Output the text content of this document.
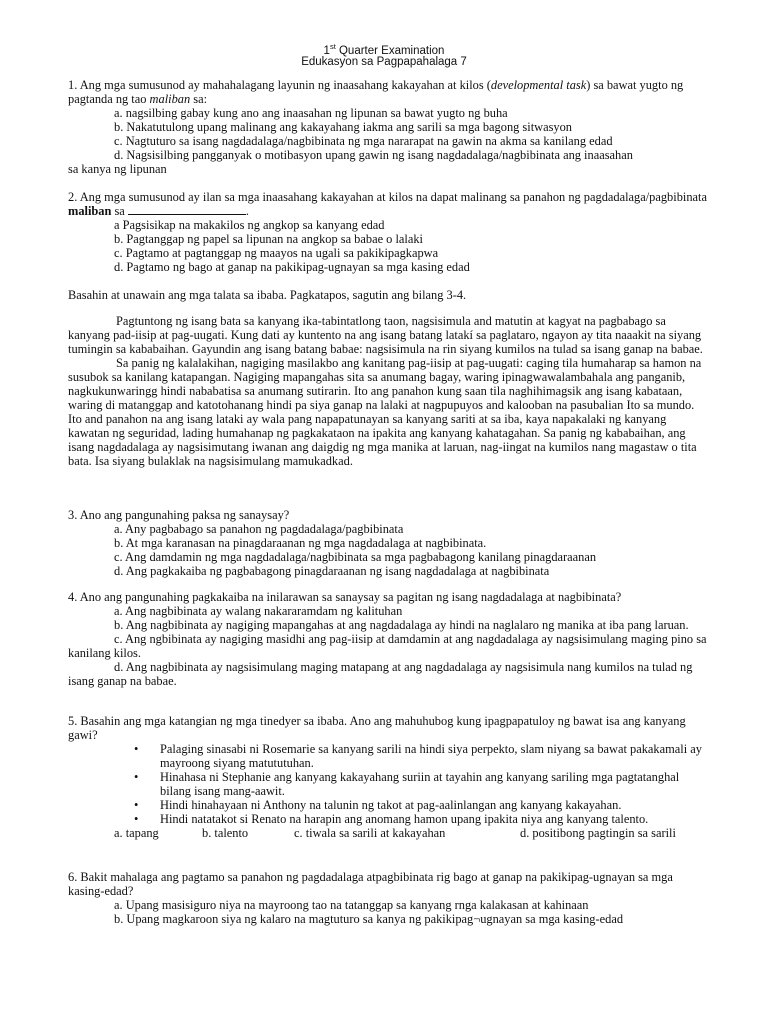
1st Quarter Examination
Edukasyon sa Pagpapahalaga 7

1. Ang mga sumusunod ay mahahalagang layunin ng inaasahang kakayahan at kilos (developmental task) sa bawat yugto ng pagtanda ng tao maliban sa:

a. nagsilbing gabay kung ano ang inaasahan ng lipunan sa bawat yugto ng buha

b. Nakatutulong upang malinang ang kakayahang iakma ang sarili sa mga bagong sitwasyon

c. Nagtuturo sa isang nagdadalaga/nagbibinata ng mga nararapat na gawin na akma sa kanilang edad

d. Nagsisilbing pangganyak o motibasyon upang gawin ng isang nagdadalaga/nagbibinata ang inaasahan

sa kanya ng lipunan

2. Ang mga sumusunod ay ilan sa mga inaasahang kakayahan at kilos na dapat malinang sa panahon ng pagdadalaga/pagbibinata maliban sa	.

a Pagsisikap na makakilos ng angkop sa kanyang edad

b. Pagtanggap ng papel sa lipunan na angkop sa babae o lalaki

c. Pagtamo at pagtanggap ng maayos na ugali sa pakikipagkapwa

d. Pagtamo ng bago at ganap na pakikipag-ugnayan sa mga kasing edad

Basahin at unawain ang mga talata sa ibaba. Pagkatapos, sagutin ang bilang 3-4.

Pagtuntong ng isang bata sa kanyang ika-tabintatlong taon, nagsisimula and matutin at kagyat na pagbabago sa kanyang pad-iisip at pag-uugati. Kung dati ay kuntento na ang isang batang latakí sa paglataro, ngayon ay tita naaakit na siyang tumingin sa kababaihan. Gayundin ang isang batang babae: nagsisimula na rin siyang kumilos na tulad sa isang ganap na babae.

Sa panig ng kalalakihan, nagiging masilakbo ang kanitang pag-iisip at pag-uugati: caging tila humaharap sa hamon na susubok sa kanilang katapangan. Nagiging mapangahas sita sa anumang bagay, waring ipinagwawalambahala ang panganib, nagkukunwaringg hindi nababatisa sa anumang sutirarin. Ito ang panahon kung saan tila naghihimagsik ang isang kabataan, waring di matanggap and katotohanang hindi pa siya ganap na lalaki at nagpupuyos and kalooban na pasubalian Ito sa mundo. Ito and panahon na ang isang lataki ay wala pang napapatunayan sa kanyang sariti at sa iba, kaya napakalaki ng kanyang kawatan ng seguridad, lading humahanap ng pagkakataon na ipakita ang kanyang kahatagahan. Sa panig ng kababaihan, ang isang nagdadalaga ay nagsisimutang iwanan ang daigdig ng mga manika at laruan, nag-iingat na kumilos nang magastaw o tita bata. Isa siyang bulaklak na nagsisimulang mamukadkad.

3. Ano ang pangunahing paksa ng sanaysay?

a. Any pagbabago sa panahon ng pagdadalaga/pagbibinata

b. At mga karanasan na pinagdaraanan ng mga nagdadalaga at nagbibinata.

c. Ang damdamin ng mga nagdadalaga/nagbibinata sa mga pagbabagong kanilang pinagdaraanan

d. Ang pagkakaiba ng pagbabagong pinagdaraanan ng isang nagdadalaga at nagbibinata

4. Ano ang pangunahing pagkakaiba na inilarawan sa sanaysay sa pagitan ng isang nagdadalaga at nagbibinata?

a. Ang nagbibinata ay walang nakararamdam ng kalituhan

b. Ang nagbibinata ay nagiging mapangahas at ang nagdadalaga ay hindi na naglalaro ng manika at iba pang laruan.

c. Ang ngbibinata ay nagiging masidhi ang pag-iisip at damdamin at ang nagdadalaga ay nagsisimulang maging pino sa kanilang kilos.

d. Ang nagbibinata ay nagsisimulang maging matapang at ang nagdadalaga ay nagsisimula nang kumilos na tulad ng isang ganap na babae.

5. Basahin ang mga katangian ng mga tinedyer sa ibaba. Ano ang mahuhubog kung ipagpapatuloy ng bawat isa ang kanyang gawi?

• Palaging sinasabi ni Rosemarie sa kanyang sarili na hindi siya perpekto, slam niyang sa bawat pakakamali ay mayroong siyang matututuhan.
• Hinahasa ni Stephanie ang kanyang kakayahang suriin at tayahin ang kanyang sariling mga pagtatanghal bilang isang mang-aawit.
• Hindi hinahayaan ni Anthony na talunin ng takot at pag-aalinlangan ang kanyang kakayahan.
• Hindi natatakot si Renato na harapin ang anomang hamon upang ipakita niya ang kanyang talento.
a. tapang	b. talento	c. tiwala sa sarili at kakayahan	d. positibong pagtingin sa sarili

6. Bakit mahalaga ang pagtamo sa panahon ng pagdadalaga atpagbibinata rig bago at ganap na pakikipag-ugnayan sa mga kasing-edad?

a. Upang masisiguro niya na mayroong tao na tatanggap sa kanyang rnga kalakasan at kahinaan

b. Upang magkaroon siya ng kalaro na magtuturo sa kanya ng pakikipag¬ugnayan sa mga kasing-edad
